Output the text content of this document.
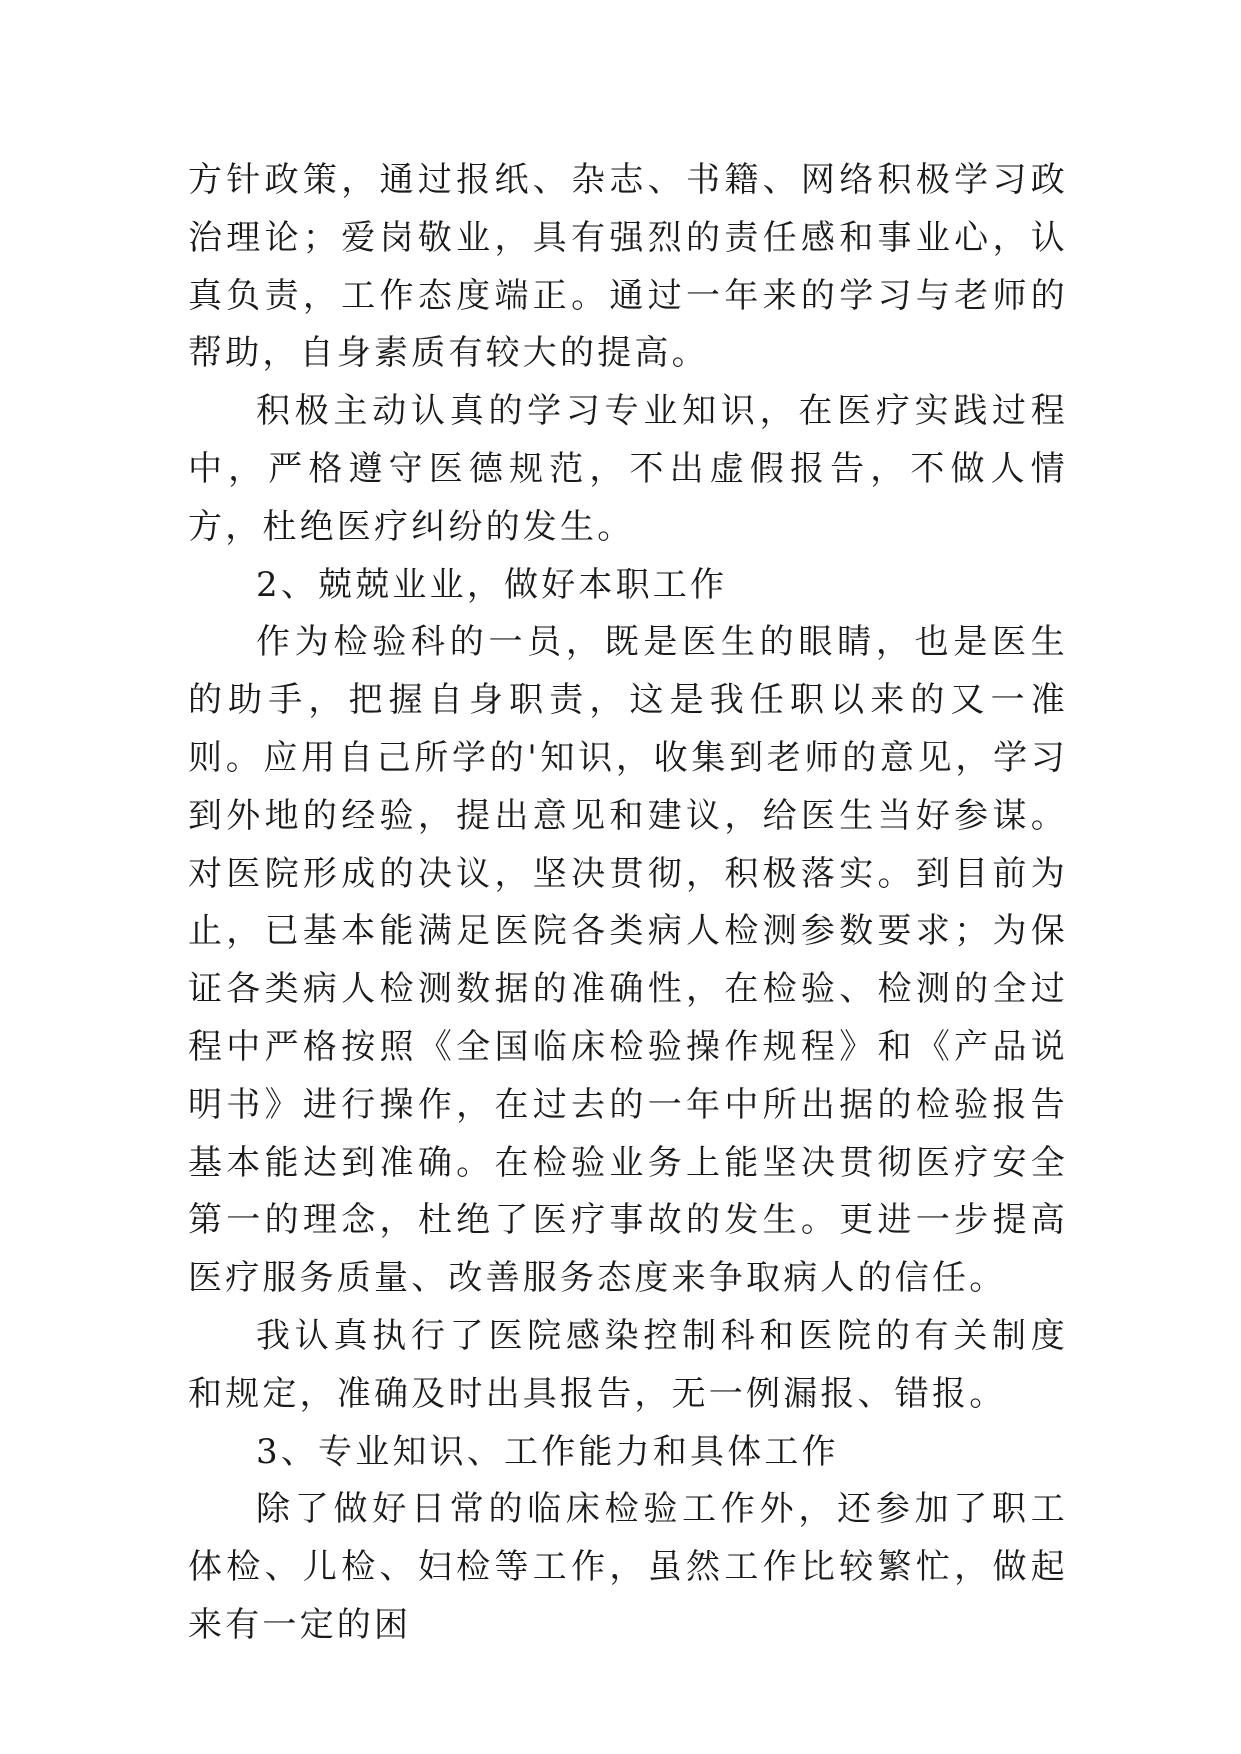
方针政策，通过报纸、杂志、书籍、网络积极学习政治理论；爱岗敬业，具有强烈的责任感和事业心，认真负责，工作态度端正。通过一年来的学习与老师的帮助，自身素质有较大的提高。

积极主动认真的学习专业知识，在医疗实践过程中，严格遵守医德规范，不出虚假报告，不做人情方，杜绝医疗纠纷的发生。

2、兢兢业业，做好本职工作

作为检验科的一员，既是医生的眼睛，也是医生的助手，把握自身职责，这是我任职以来的又一准则。应用自己所学的'知识，收集到老师的意见，学习到外地的经验，提出意见和建议，给医生当好参谋。对医院形成的决议，坚决贯彻，积极落实。到目前为止，已基本能满足医院各类病人检测参数要求；为保证各类病人检测数据的准确性，在检验、检测的全过程中严格按照《全国临床检验操作规程》和《产品说明书》进行操作，在过去的一年中所出据的检验报告基本能达到准确。在检验业务上能坚决贯彻医疗安全第一的理念，杜绝了医疗事故的发生。更进一步提高医疗服务质量、改善服务态度来争取病人的信任。

我认真执行了医院感染控制科和医院的有关制度和规定，准确及时出具报告，无一例漏报、错报。

3、专业知识、工作能力和具体工作

除了做好日常的临床检验工作外，还参加了职工体检、儿检、妇检等工作，虽然工作比较繁忙，做起来有一定的困
